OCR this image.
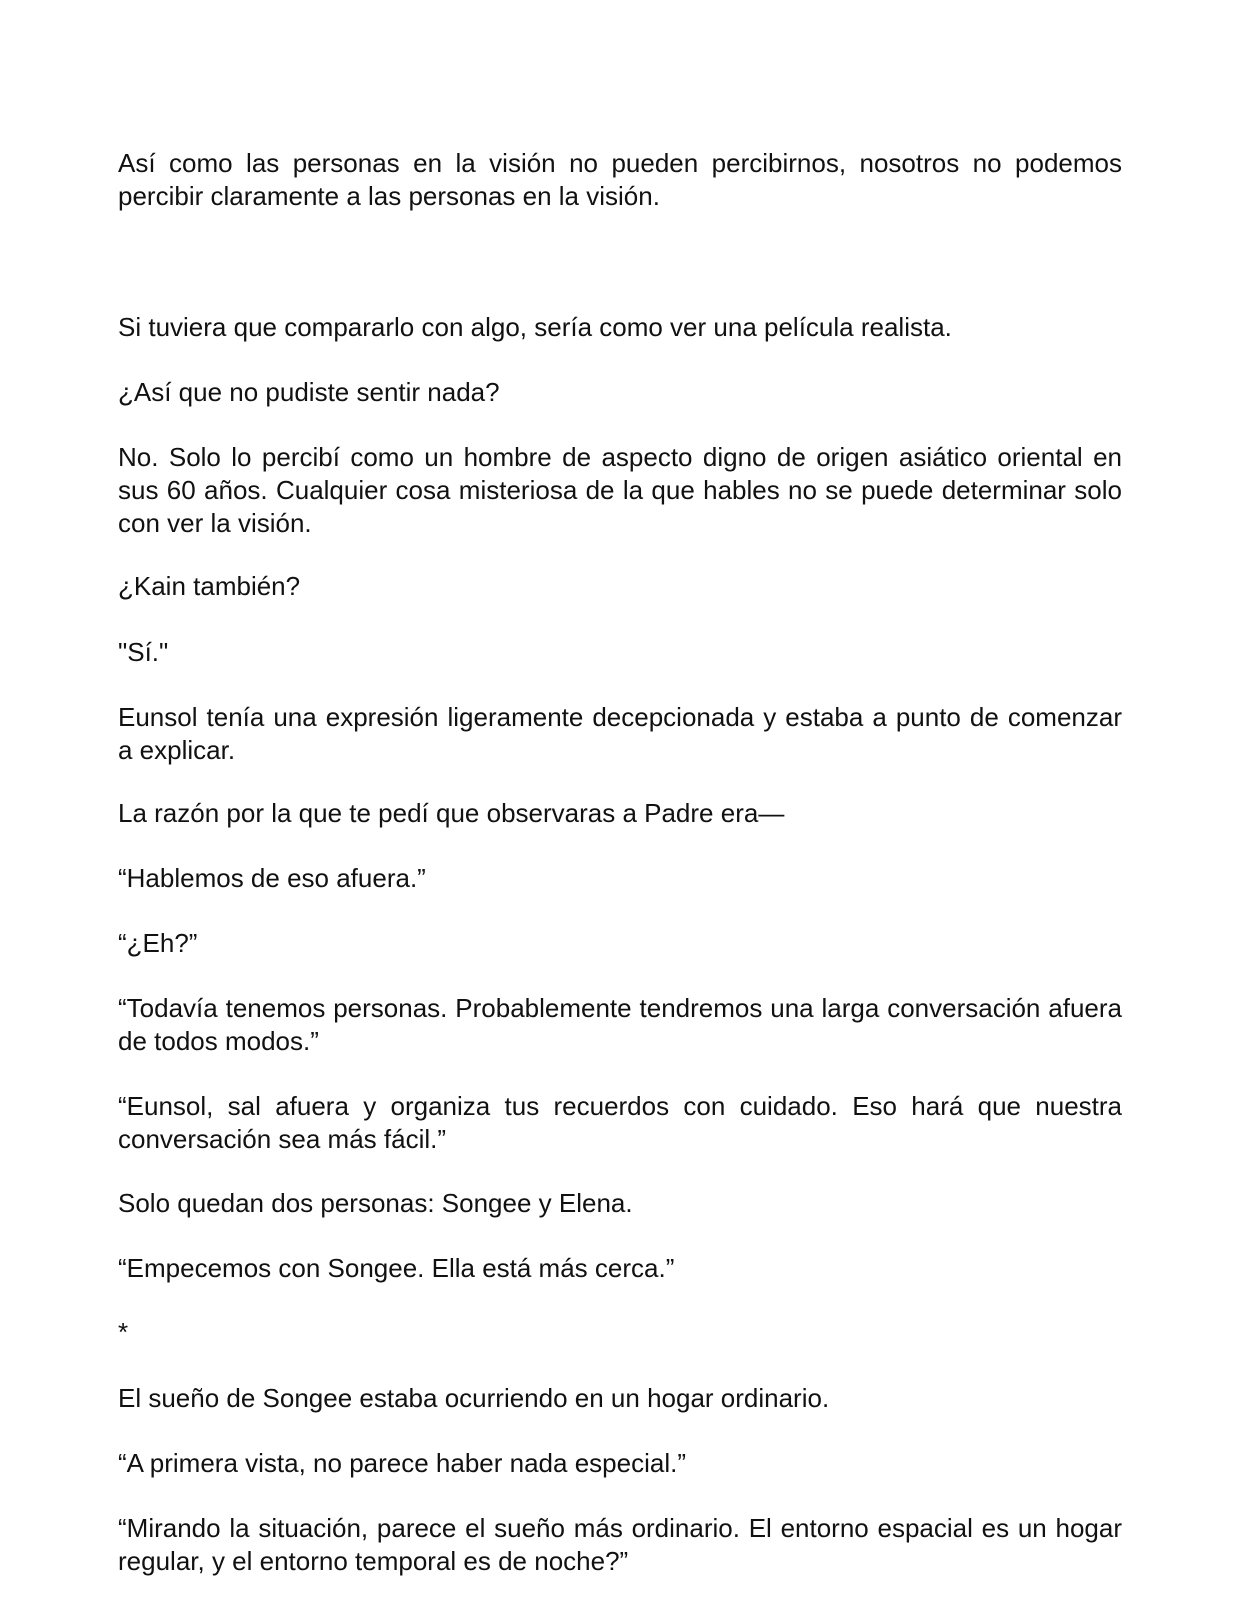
Así como las personas en la visión no pueden percibirnos, nosotros no podemos percibir claramente a las personas en la visión.

Si tuviera que compararlo con algo, sería como ver una película realista.

¿Así que no pudiste sentir nada?

No. Solo lo percibí como un hombre de aspecto digno de origen asiático oriental en sus 60 años. Cualquier cosa misteriosa de la que hables no se puede determinar solo con ver la visión.

¿Kain también?

"Sí."

Eunsol tenía una expresión ligeramente decepcionada y estaba a punto de comenzar a explicar.

La razón por la que te pedí que observaras a Padre era—

“Hablemos de eso afuera.”

“¿Eh?”

“Todavía tenemos personas. Probablemente tendremos una larga conversación afuera de todos modos.”

“Eunsol, sal afuera y organiza tus recuerdos con cuidado. Eso hará que nuestra conversación sea más fácil.”

Solo quedan dos personas: Songee y Elena.

“Empecemos con Songee. Ella está más cerca.”

*

El sueño de Songee estaba ocurriendo en un hogar ordinario.

“A primera vista, no parece haber nada especial.”

“Mirando la situación, parece el sueño más ordinario. El entorno espacial es un hogar regular, y el entorno temporal es de noche?”
